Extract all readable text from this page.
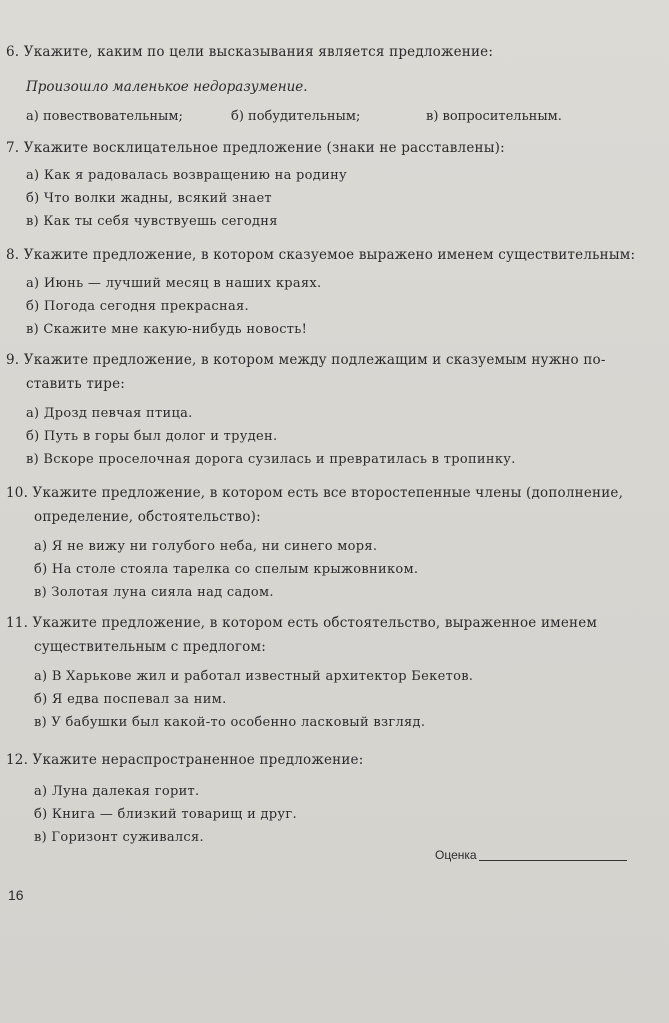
6. Укажите, каким по цели высказывания является предложение:
Произошло маленькое недоразумение.
а) повествовательным;	б) побудительным;	в) вопросительным.
7. Укажите восклицательное предложение (знаки не расставлены):
а) Как я радовалась возвращению на родину
б) Что волки жадны, всякий знает
в) Как ты себя чувствуешь сегодня
8. Укажите предложение, в котором сказуемое выражено именем существительным:
а) Июнь — лучший месяц в наших краях.
б) Погода сегодня прекрасная.
в) Скажите мне какую-нибудь новость!
9. Укажите предложение, в котором между подлежащим и сказуемым нужно по-
ставить тире:
а) Дрозд певчая птица.
б) Путь в горы был долог и труден.
в) Вскоре проселочная дорога сузилась и превратилась в тропинку.
10. Укажите предложение, в котором есть все второстепенные члены (дополнение,
определение, обстоятельство):
а) Я не вижу ни голубого неба, ни синего моря.
б) На столе стояла тарелка со спелым крыжовником.
в) Золотая луна сияла над садом.
11. Укажите предложение, в котором есть обстоятельство, выраженное именем
существительным с предлогом:
а) В Харькове жил и работал известный архитектор Бекетов.
б) Я едва поспевал за ним.
в) У бабушки был какой-то особенно ласковый взгляд.
12. Укажите нераспространенное предложение:
а) Луна далекая горит.
б) Книга — близкий товарищ и друг.
в) Горизонт суживался.
Оценка
16
